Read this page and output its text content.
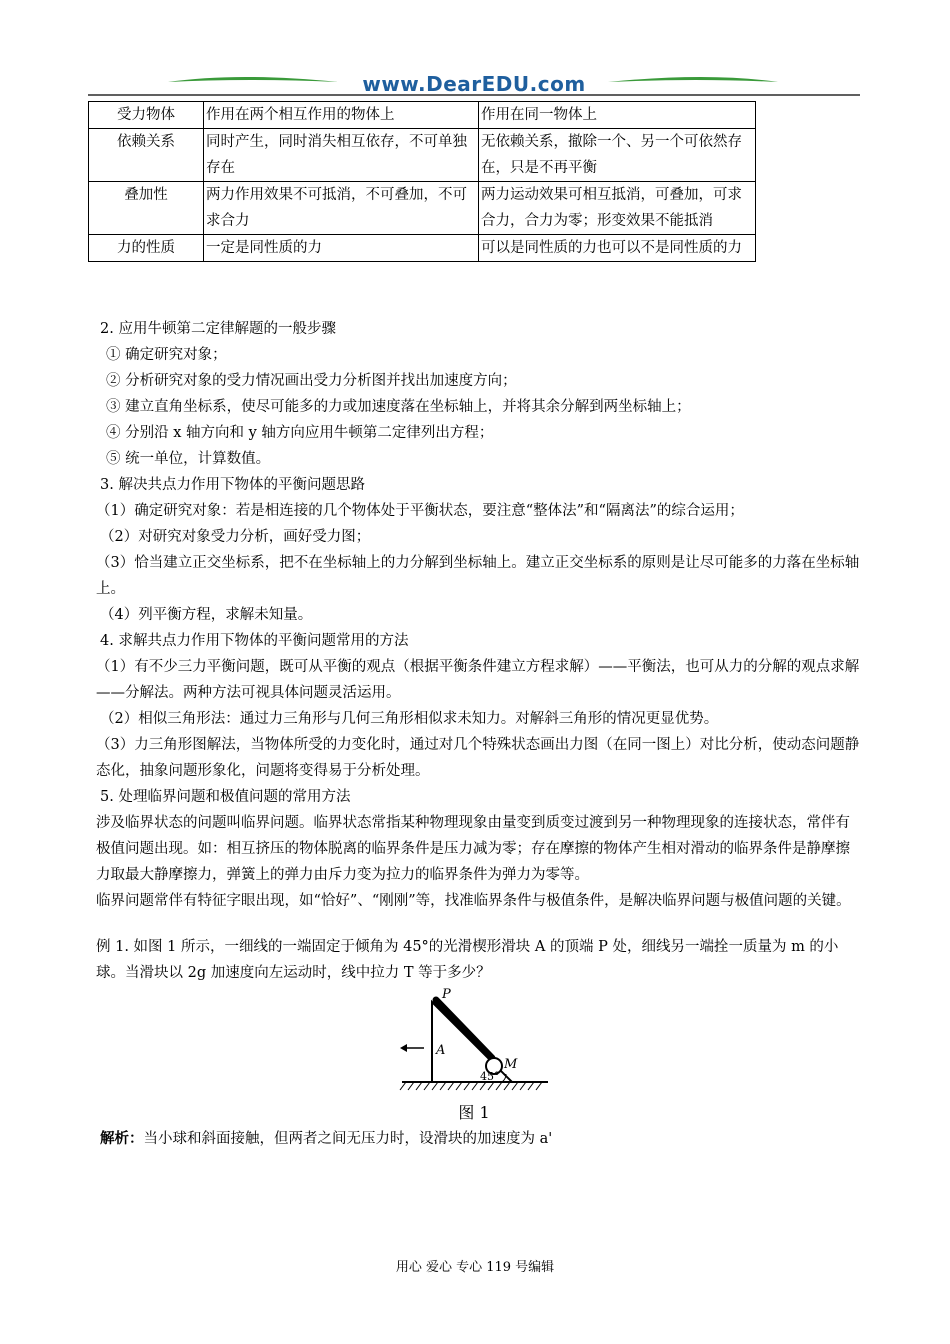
www.DearEDU.com
受力物体	作用在两个相互作用的物体上	作用在同一物体上
依赖关系	同时产生，同时消失相互依存，不可单独存在	无依赖关系，撤除一个、另一个可依然存在，只是不再平衡
叠加性	两力作用效果不可抵消，不可叠加，不可求合力	两力运动效果可相互抵消，可叠加，可求合力，合力为零；形变效果不能抵消
力的性质	一定是同性质的力	可以是同性质的力也可以不是同性质的力

2. 应用牛顿第二定律解题的一般步骤

① 确定研究对象；

② 分析研究对象的受力情况画出受力分析图并找出加速度方向；

③ 建立直角坐标系，使尽可能多的力或加速度落在坐标轴上，并将其余分解到两坐标轴上；

④ 分别沿 x 轴方向和 y 轴方向应用牛顿第二定律列出方程；

⑤ 统一单位，计算数值。

3. 解决共点力作用下物体的平衡问题思路

（1）确定研究对象：若是相连接的几个物体处于平衡状态，要注意“整体法”和“隔离法”的综合运用；

（2）对研究对象受力分析，画好受力图；

（3）恰当建立正交坐标系，把不在坐标轴上的力分解到坐标轴上。建立正交坐标系的原则是让尽可能多的力落在坐标轴上。

（4）列平衡方程，求解未知量。

4. 求解共点力作用下物体的平衡问题常用的方法

（1）有不少三力平衡问题，既可从平衡的观点（根据平衡条件建立方程求解）——平衡法，也可从力的分解的观点求解——分解法。两种方法可视具体问题灵活运用。

（2）相似三角形法：通过力三角形与几何三角形相似求未知力。对解斜三角形的情况更显优势。

（3）力三角形图解法，当物体所受的力变化时，通过对几个特殊状态画出力图（在同一图上）对比分析，使动态问题静态化，抽象问题形象化，问题将变得易于分析处理。

5. 处理临界问题和极值问题的常用方法

涉及临界状态的问题叫临界问题。临界状态常指某种物理现象由量变到质变过渡到另一种物理现象的连接状态，常伴有极值问题出现。如：相互挤压的物体脱离的临界条件是压力减为零；存在摩擦的物体产生相对滑动的临界条件是静摩擦力取最大静摩擦力，弹簧上的弹力由斥力变为拉力的临界条件为弹力为零等。

临界问题常伴有特征字眼出现，如“恰好”、“刚刚”等，找准临界条件与极值条件，是解决临界问题与极值问题的关键。

例 1. 如图 1 所示，一细线的一端固定于倾角为 45°的光滑楔形滑块 A 的顶端 P 处，细线另一端拴一质量为 m 的小球。当滑块以 2g 加速度向左运动时，线中拉力 T 等于多少？

P
A
M
45°
图 1

解析：当小球和斜面接触，但两者之间无压力时，设滑块的加速度为 a'

用心 爱心 专心 119 号编辑
